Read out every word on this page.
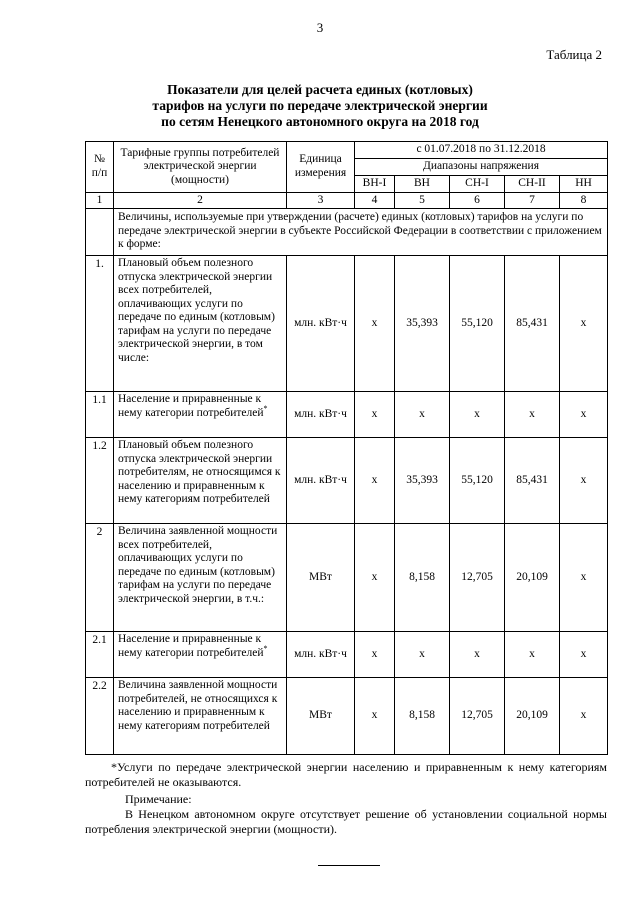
3
Таблица 2
Показатели для целей расчета единых (котловых)
тарифов на услуги по передаче электрической энергии
по сетям Ненецкого автономного округа на 2018 год
№ п/п	Тарифные группы потребителей электрической энергии (мощности)	Единица измерения	с 01.07.2018 по 31.12.2018				
			Диапазоны напряжения				
			ВН-I	ВН	СН-I	СН-II	НН
1	2	3	4	5	6	7	8
	Величины, используемые при утверждении (расчете) единых (котловых) тарифов на услуги по передаче электрической энергии в субъекте Российской Федерации в соответствии с приложением к форме:						
1.	Плановый объем полезного отпуска электрической энергии всех потребителей, оплачивающих услуги по передаче по единым (котловым) тарифам на услуги по передаче электрической энергии, в том числе:	млн. кВт·ч	х	35,393	55,120	85,431	х
1.1	Население и приравненные к нему категории потребителей*	млн. кВт·ч	х	х	х	х	х
1.2	Плановый объем полезного отпуска электрической энергии потребителям, не относящимся к населению и приравненным к нему категориям потребителей	млн. кВт·ч	х	35,393	55,120	85,431	х
2	Величина заявленной мощности всех потребителей, оплачивающих услуги по передаче по единым (котловым) тарифам на услуги по передаче электрической энергии, в т.ч.:	МВт	х	8,158	12,705	20,109	х
2.1	Население и приравненные к нему категории потребителей*	млн. кВт·ч	х	х	х	х	х
2.2	Величина заявленной мощности потребителей, не относящихся к населению и приравненным к нему категориям потребителей	МВт	х	8,158	12,705	20,109	х
*Услуги по передаче электрической энергии населению и приравненным к нему категориям потребителей не оказываются.
Примечание:
В Ненецком автономном округе отсутствует решение об установлении социальной нормы потребления электрической энергии (мощности).
